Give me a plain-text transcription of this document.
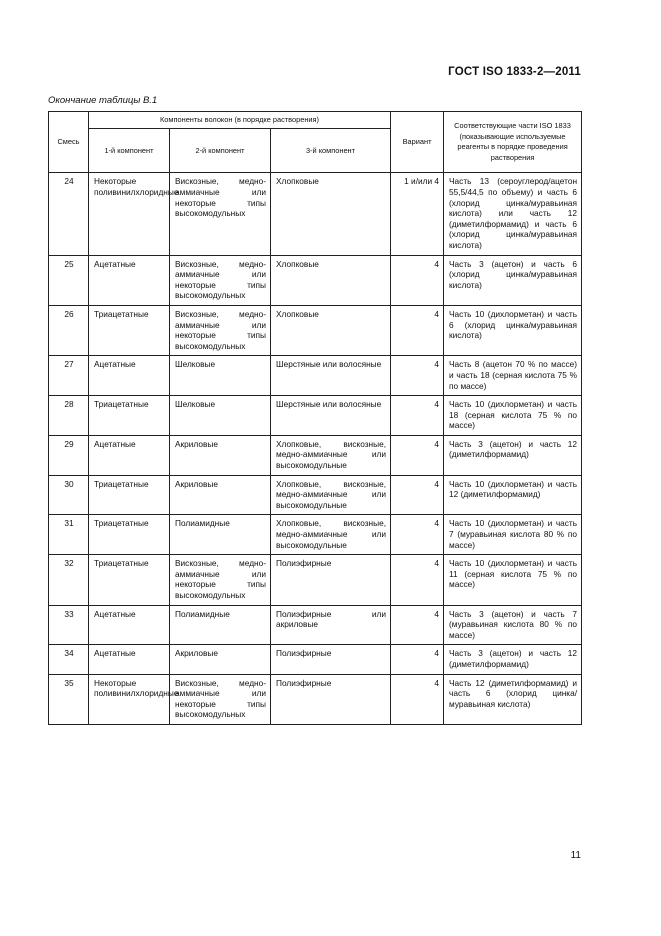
ГОСТ ISO 1833-2—2011
Окончание таблицы В.1
Смесь	Компоненты волокон (в порядке растворения)			Вариант	Соответствующие части ISO 1833 (показывающие используемые реагенты в порядке проведения растворения
	1-й компонент	2-й компонент	3-й компонент		
24	Некоторые поливинилхлоридные	Вискозные, медно-аммиачные или некоторые типы высокомодульных	Хлопковые	1 и/или 4	Часть 13 (сероуглерод/ацетон 55,5/44,5 по объему) и часть 6 (хлорид цинка/муравьиная кислота) или часть 12 (диметилформамид) и часть 6 (хлорид цинка/муравьиная кислота)
25	Ацетатные	Вискозные, медно-аммиачные или некоторые типы высокомодульных	Хлопковые	4	Часть 3 (ацетон) и часть 6 (хлорид цинка/муравьиная кислота)
26	Триацетатные	Вискозные, медно-аммиачные или некоторые типы высокомодульных	Хлопковые	4	Часть 10 (дихлорметан) и часть 6 (хлорид цинка/муравьиная кислота)
27	Ацетатные	Шелковые	Шерстяные или волосяные	4	Часть 8 (ацетон 70 % по массе) и часть 18 (серная кислота 75 % по массе)
28	Триацетатные	Шелковые	Шерстяные или волосяные	4	Часть 10 (дихлорметан) и часть 18 (серная кислота 75 % по массе)
29	Ацетатные	Акриловые	Хлопковые, вискозные, медно-аммиачные или высокомодульные	4	Часть 3 (ацетон) и часть 12 (диметилформамид)
30	Триацетатные	Акриловые	Хлопковые, вискозные, медно-аммиачные или высокомодульные	4	Часть 10 (дихлорметан) и часть 12 (диметилформамид)
31	Триацетатные	Полиамидные	Хлопковые, вискозные, медно-аммиачные или высокомодульные	4	Часть 10 (дихлорметан) и часть 7 (муравьиная кислота 80 % по массе)
32	Триацетатные	Вискозные, медно-аммиачные или некоторые типы высокомодульных	Полиэфирные	4	Часть 10 (дихлорметан) и часть 11 (серная кислота 75 % по массе)
33	Ацетатные	Полиамидные	Полиэфирные или акриловые	4	Часть 3 (ацетон) и часть 7 (муравьиная кислота 80 % по массе)
34	Ацетатные	Акриловые	Полиэфирные	4	Часть 3 (ацетон) и часть 12 (диметилформамид)
35	Некоторые поливинилхлоридные	Вискозные, медно-аммиачные или некоторые типы высокомодульных	Полиэфирные	4	Часть 12 (диметилформамид) и часть 6 (хлорид цинка/муравьиная кислота)
11
